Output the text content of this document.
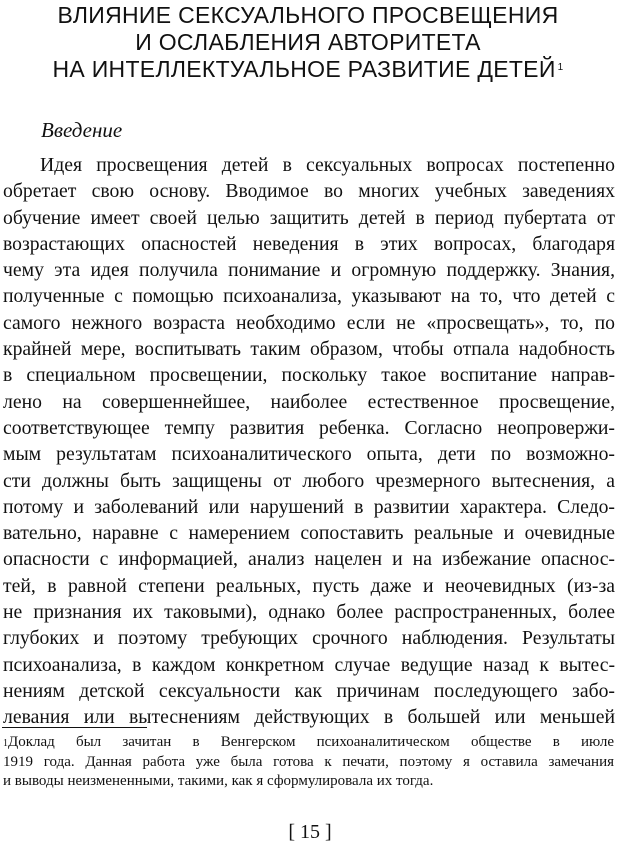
ВЛИЯНИЕ СЕКСУАЛЬНОГО ПРОСВЕЩЕНИЯ
И ОСЛАБЛЕНИЯ АВТОРИТЕТА
НА ИНТЕЛЛЕКТУАЛЬНОЕ РАЗВИТИЕ ДЕТЕЙ $^1$
Введение
Идея просвещения детей в сексуальных вопросах постепенно
обретает свою основу. Вводимое во многих учебных заведениях
обучение имеет своей целью защитить детей в период пубертата от
возрастающих опасностей неведения в этих вопросах, благодаря
чему эта идея получила понимание и огромную поддержку. Знания,
полученные с помощью психоанализа, указывают на то, что детей с
самого нежного возраста необходимо если не «просвещать», то, по
крайней мере, воспитывать таким образом, чтобы отпала надобность
в специальном просвещении, поскольку такое воспитание направ-
лено на совершеннейшее, наиболее естественное просвещение,
соответствующее темпу развития ребенка. Согласно неопровержи-
мым результатам психоаналитического опыта, дети по возможно-
сти должны быть защищены от любого чрезмерного вытеснения, а
потому и заболеваний или нарушений в развитии характера. Следо-
вательно, наравне с намерением сопоставить реальные и очевидные
опасности с информацией, анализ нацелен и на избежание опаснос-
тей, в равной степени реальных, пусть даже и неочевидных (из-за
не признания их таковыми), однако более распространенных, более
глубоких и поэтому требующих срочного наблюдения. Результаты
психоанализа, в каждом конкретном случае ведущие назад к вытес-
нениям детской сексуальности как причинам последующего забо-
левания или вытеснениям действующих в большей или меньшей
$^1$Доклад был зачитан в Венгерском психоаналитическом обществе в июле
1919 года. Данная работа уже была готова к печати, поэтому я оставила замечания
и выводы неизмененными, такими, как я сформулировала их тогда.
[ 15 ]
